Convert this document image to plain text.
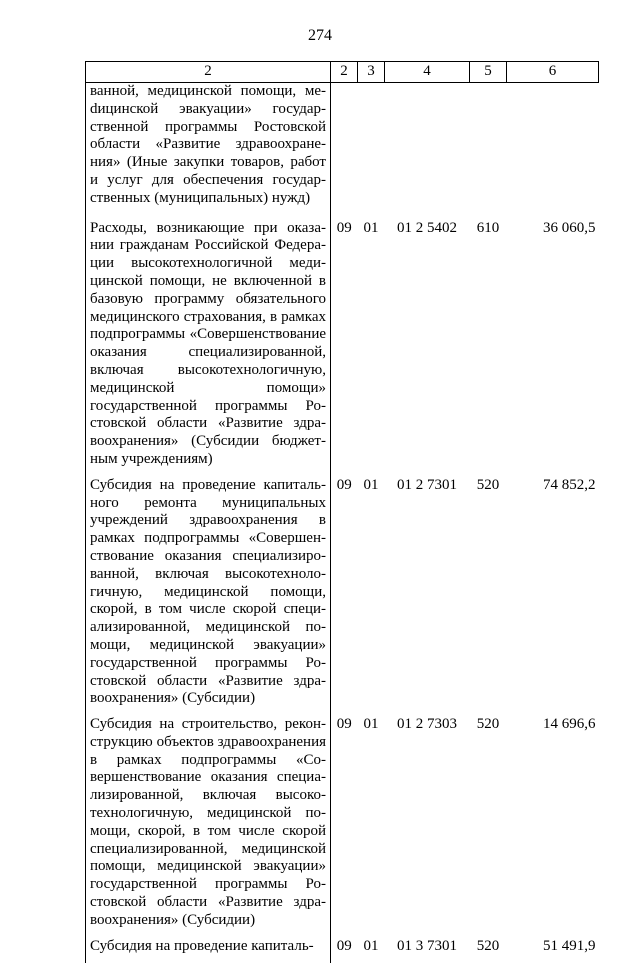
274
2	2	3	4	5	6
ванной, медицинской помощи, меdицинской эвакуации» государственной программы Ростовской области «Развитие здравоохранения» (Иные закупки товаров, работ и услуг для обеспечения государственных (муниципальных) нужд)					
Расходы, возникающие при оказании гражданам Российской Федерации высокотехнологичной медицинской помощи, не включенной в базовую программу обязательного медицинского страхования, в рамках подпрограммы «Совершенствование оказания специализированной, включая высокотехнологичную, медицинской помощи» государственной программы Ростовской области «Развитие здравоохранения» (Субсидии бюджетным учреждениям)	09	01	01 2 5402	610	36 060,5
Субсидия на проведение капитального ремонта муниципальных учреждений здравоохранения в рамках подпрограммы «Совершенствование оказания специализированной, включая высокотехнологичную, медицинской помощи, скорой, в том числе скорой специализированной, медицинской помощи, медицинской эвакуации» государственной программы Ростовской области «Развитие здравоохранения» (Субсидии)	09	01	01 2 7301	520	74 852,2
Субсидия на строительство, реконструкцию объектов здравоохранения в рамках подпрограммы «Совершенствование оказания специализированной, включая высокотехнологичную, медицинской помощи, скорой, в том числе скорой специализированной, медицинской помощи, медицинской эвакуации» государственной программы Ростовской области «Развитие здравоохранения» (Субсидии)	09	01	01 2 7303	520	14 696,6
Субсидия на проведение капиталь-	09	01	01 3 7301	520	51 491,9
